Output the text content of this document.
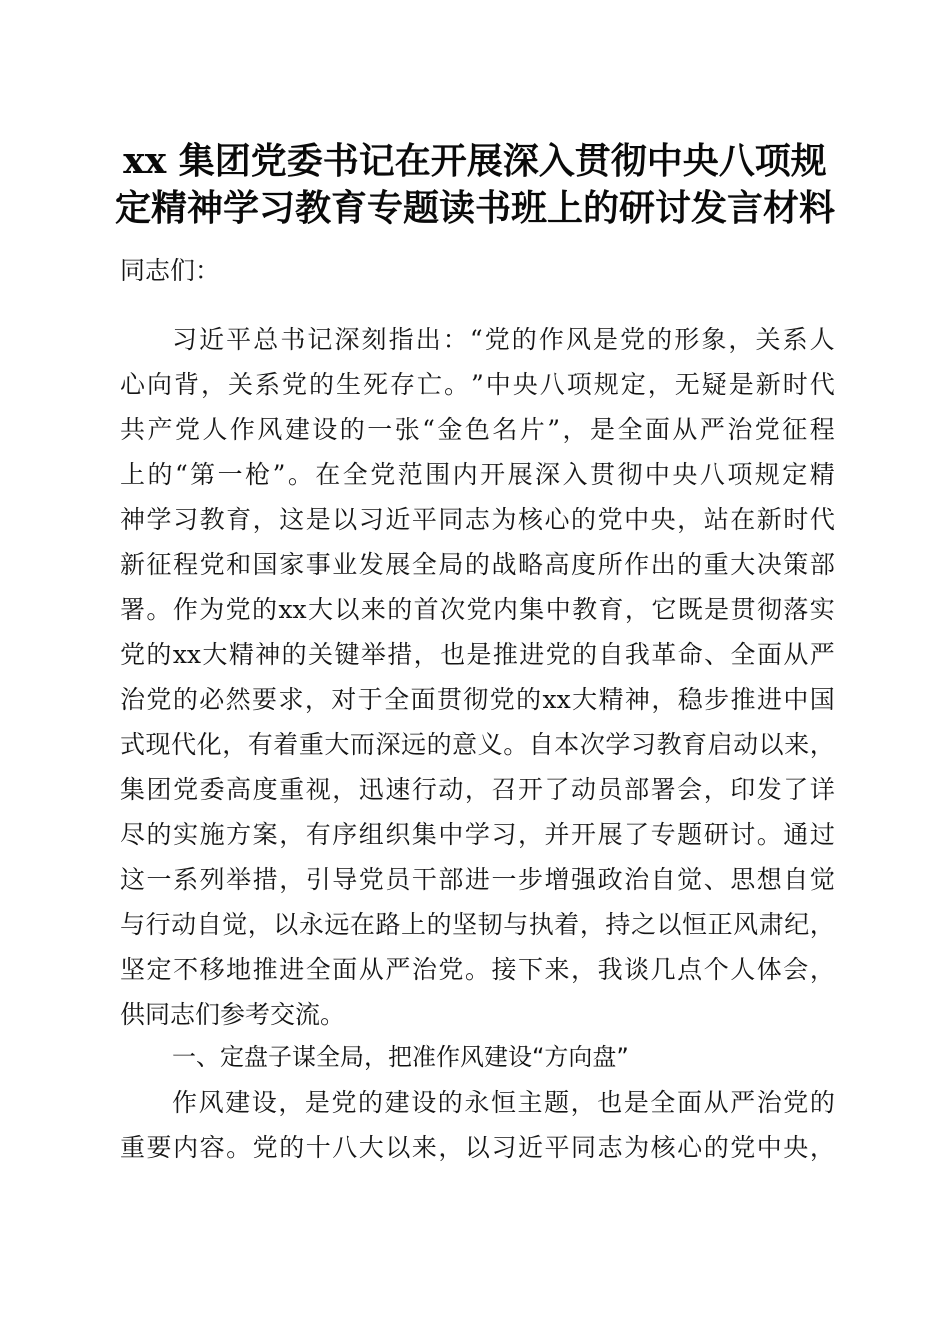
xx 集团党委书记在开展深入贯彻中央八项规
定精神学习教育专题读书班上的研讨发言材料
同志们：
习 近 平 总 书 记 深 刻 指 出 ： “ 党 的 作 风 是 党 的 形 象 ， 关 系 人
心 向 背 ， 关 系 党 的 生 死 存 亡 。 ” 中 央 八 项 规 定 ， 无 疑 是 新 时 代
共 产 党 人 作 风 建 设 的 一 张 “ 金 色 名 片 ” ， 是 全 面 从 严 治 党 征 程
上 的 “ 第 一 枪 ” 。 在 全 党 范 围 内 开 展 深 入 贯 彻 中 央 八 项 规 定 精
神 学 习 教 育 ， 这 是 以 习 近 平 同 志 为 核 心 的 党 中 央 ， 站 在 新 时 代
新 征 程 党 和 国 家 事 业 发 展 全 局 的 战 略 高 度 所 作 出 的 重 大 决 策 部
署 。 作 为 党 的 xx 大 以 来 的 首 次 党 内 集 中 教 育 ， 它 既 是 贯 彻 落 实
党 的 xx 大 精 神 的 关 键 举 措 ， 也 是 推 进 党 的 自 我 革 命 、 全 面 从 严
治 党 的 必 然 要 求 ， 对 于 全 面 贯 彻 党 的 xx 大 精 神 ， 稳 步 推 进 中 国
式 现 代 化 ， 有 着 重 大 而 深 远 的 意 义 。 自 本 次 学 习 教 育 启 动 以 来 ，
集 团 党 委 高 度 重 视 ， 迅 速 行 动 ， 召 开 了 动 员 部 署 会 ， 印 发 了 详
尽 的 实 施 方 案 ， 有 序 组 织 集 中 学 习 ， 并 开 展 了 专 题 研 讨 。 通 过
这 一 系 列 举 措 ， 引 导 党 员 干 部 进 一 步 增 强 政 治 自 觉 、 思 想 自 觉
与 行 动 自 觉 ， 以 永 远 在 路 上 的 坚 韧 与 执 着 ， 持 之 以 恒 正 风 肃 纪 ，
坚 定 不 移 地 推 进 全 面 从 严 治 党 。 接 下 来 ， 我 谈 几 点 个 人 体 会 ，
供同志们参考交流。
一、定盘子谋全局，把准作风建设“方向盘”
作 风 建 设 ， 是 党 的 建 设 的 永 恒 主 题 ， 也 是 全 面 从 严 治 党 的
重 要 内 容 。 党 的 十 八 大 以 来 ， 以 习 近 平 同 志 为 核 心 的 党 中 央 ，
